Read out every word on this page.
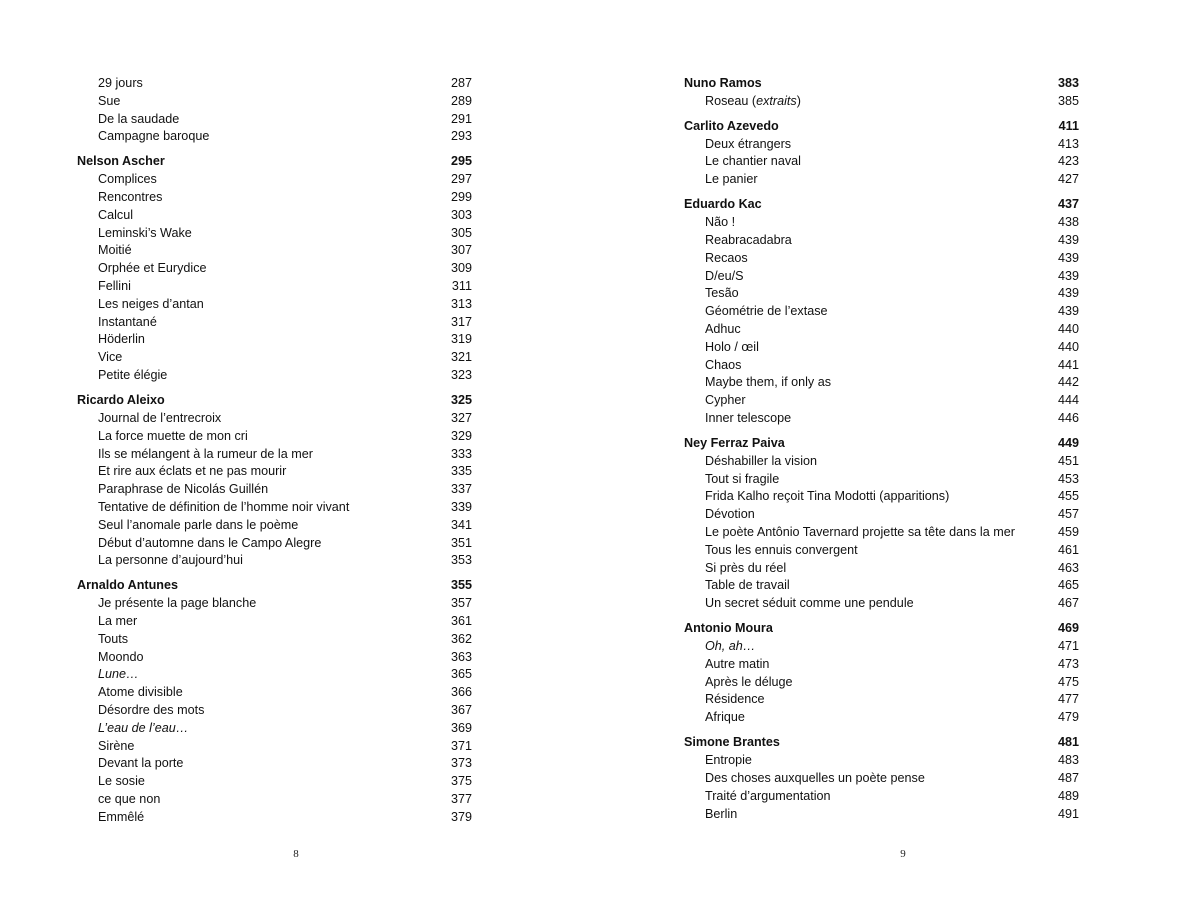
29 jours	287
Sue	289
De la saudade	291
Campagne baroque	293
Nelson Ascher	295
Complices	297
Rencontres	299
Calcul	303
Leminski’s Wake	305
Moitié	307
Orphée et Eurydice	309
Fellini	311
Les neiges d’antan	313
Instantané	317
Höderlin	319
Vice	321
Petite élégie	323
Ricardo Aleixo	325
Journal de l’entrecroix	327
La force muette de mon cri	329
Ils se mélangent à la rumeur de la mer	333
Et rire aux éclats et ne pas mourir	335
Paraphrase de Nicolás Guillén	337
Tentative de définition de l’homme noir vivant	339
Seul l’anomale parle dans le poème	341
Début d’automne dans le Campo Alegre	351
La personne d’aujourd’hui	353
Arnaldo Antunes	355
Je présente la page blanche	357
La mer	361
Touts	362
Moondo	363
Lune…	365
Atome divisible	366
Désordre des mots	367
L’eau de l’eau…	369
Sirène	371
Devant la porte	373
Le sosie	375
ce que non	377
Emmêlé	379
8
Nuno Ramos	383
Roseau (extraits)	385
Carlito Azevedo	411
Deux étrangers	413
Le chantier naval	423
Le panier	427
Eduardo Kac	437
Não !	438
Reabracadabra	439
Recaos	439
D/eu/S	439
Tesão	439
Géométrie de l’extase	439
Adhuc	440
Holo / œil	440
Chaos	441
Maybe them, if only as	442
Cypher	444
Inner telescope	446
Ney Ferraz Paiva	449
Déshabiller la vision	451
Tout si fragile	453
Frida Kalho reçoit Tina Modotti (apparitions)	455
Dévotion	457
Le poète Antônio Tavernard projette sa tête dans la mer	459
Tous les ennuis convergent	461
Si près du réel	463
Table de travail	465
Un secret séduit comme une pendule	467
Antonio Moura	469
Oh, ah…	471
Autre matin	473
Après le déluge	475
Résidence	477
Afrique	479
Simone Brantes	481
Entropie	483
Des choses auxquelles un poète pense	487
Traité d’argumentation	489
Berlin	491
9
